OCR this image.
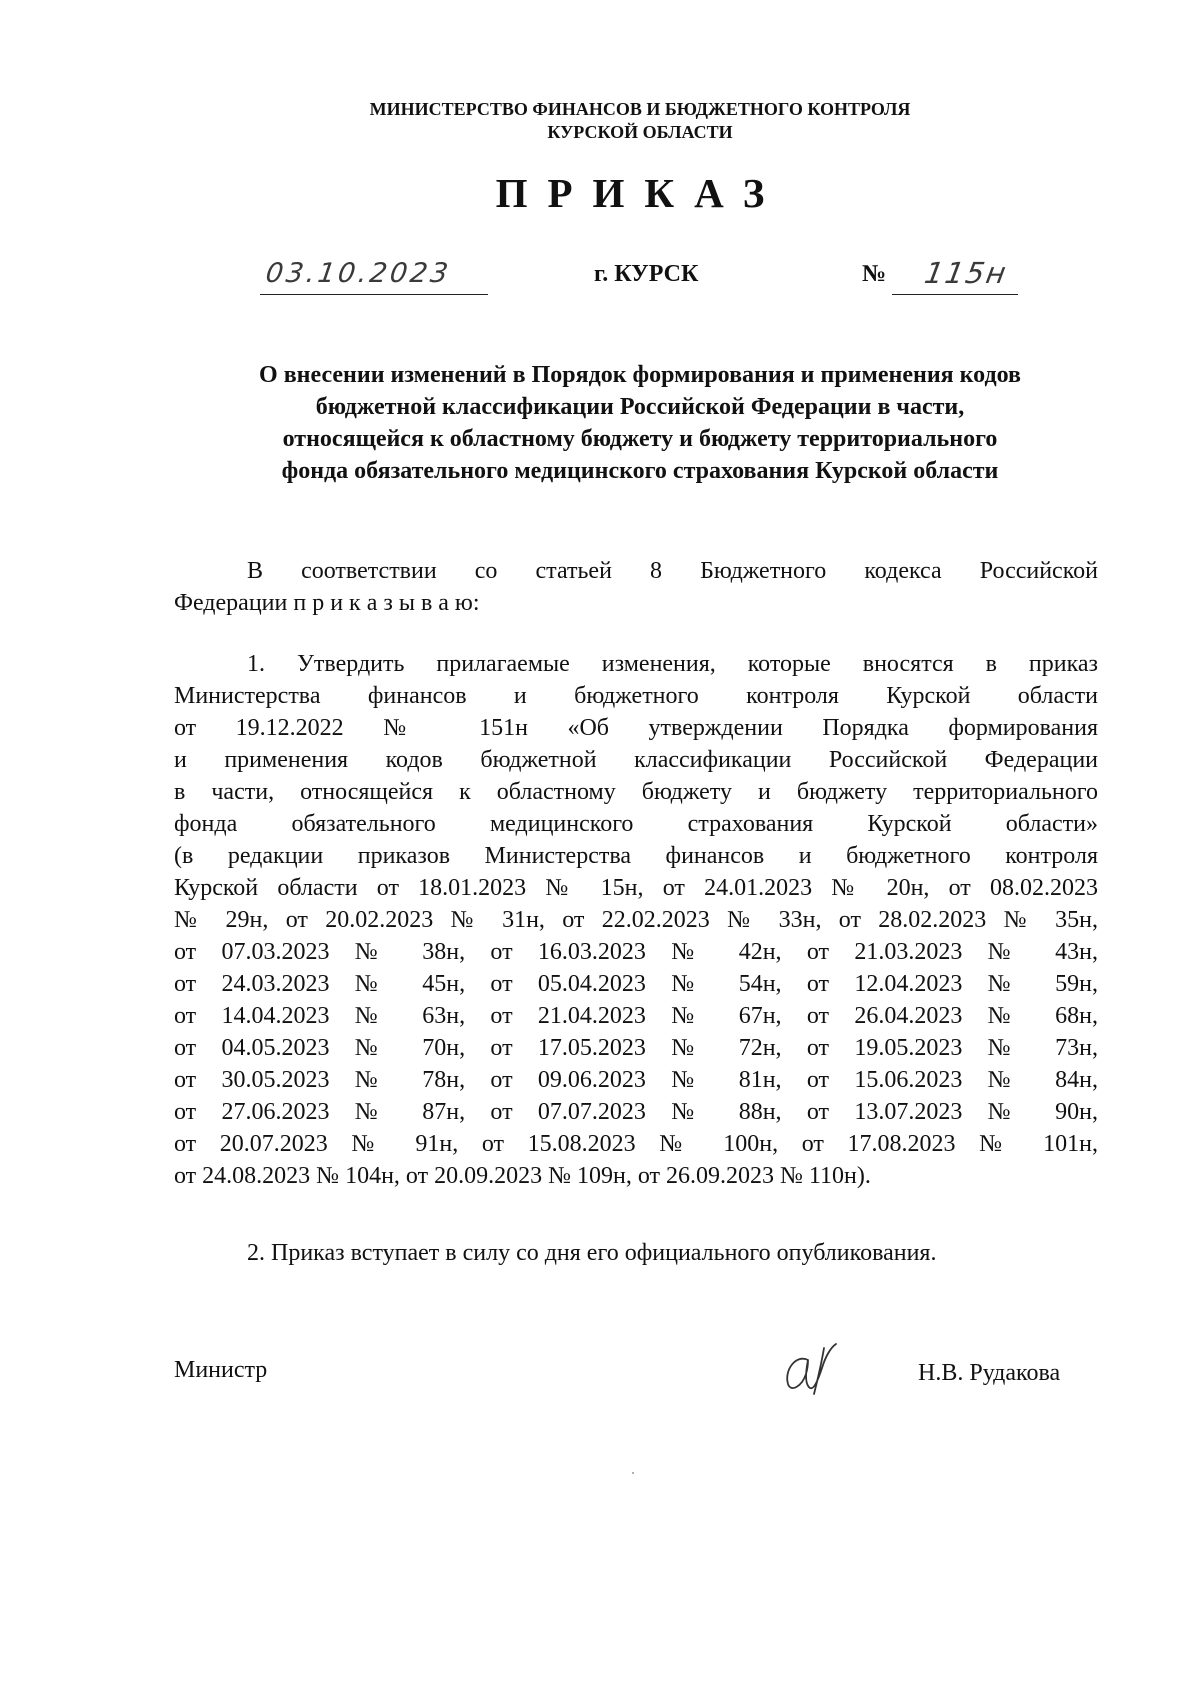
МИНИСТЕРСТВО ФИНАНСОВ И БЮДЖЕТНОГО КОНТРОЛЯ
КУРСКОЙ ОБЛАСТИ
ПРИКАЗ
03.10.2023	г. КУРСК	№ 115н
О внесении изменений в Порядок формирования и применения кодов
бюджетной классификации Российской Федерации в части,
относящейся к областному бюджету и бюджету территориального
фонда обязательного медицинского страхования Курской области
В соответствии со статьей 8 Бюджетного кодекса Российской
Федерации п р и к а з ы в а ю:
1. Утвердить прилагаемые изменения, которые вносятся в приказ
Министерства финансов и бюджетного контроля Курской области
от 19.12.2022 № 151н «Об утверждении Порядка формирования
и применения кодов бюджетной классификации Российской Федерации
в части, относящейся к областному бюджету и бюджету территориального
фонда обязательного медицинского страхования Курской области»
(в редакции приказов Министерства финансов и бюджетного контроля
Курской области от 18.01.2023 № 15н, от 24.01.2023 № 20н, от 08.02.2023
№ 29н, от 20.02.2023 № 31н, от 22.02.2023 № 33н, от 28.02.2023 № 35н,
от 07.03.2023 № 38н, от 16.03.2023 № 42н, от 21.03.2023 № 43н,
от 24.03.2023 № 45н, от 05.04.2023 № 54н, от 12.04.2023 № 59н,
от 14.04.2023 № 63н, от 21.04.2023 № 67н, от 26.04.2023 № 68н,
от 04.05.2023 № 70н, от 17.05.2023 № 72н, от 19.05.2023 № 73н,
от 30.05.2023 № 78н, от 09.06.2023 № 81н, от 15.06.2023 № 84н,
от 27.06.2023 № 87н, от 07.07.2023 № 88н, от 13.07.2023 № 90н,
от 20.07.2023 № 91н, от 15.08.2023 № 100н, от 17.08.2023 № 101н,
от 24.08.2023 № 104н, от 20.09.2023 № 109н, от 26.09.2023 № 110н).
2. Приказ вступает в силу со дня его официального опубликования.
Министр	Н.В. Рудакова
